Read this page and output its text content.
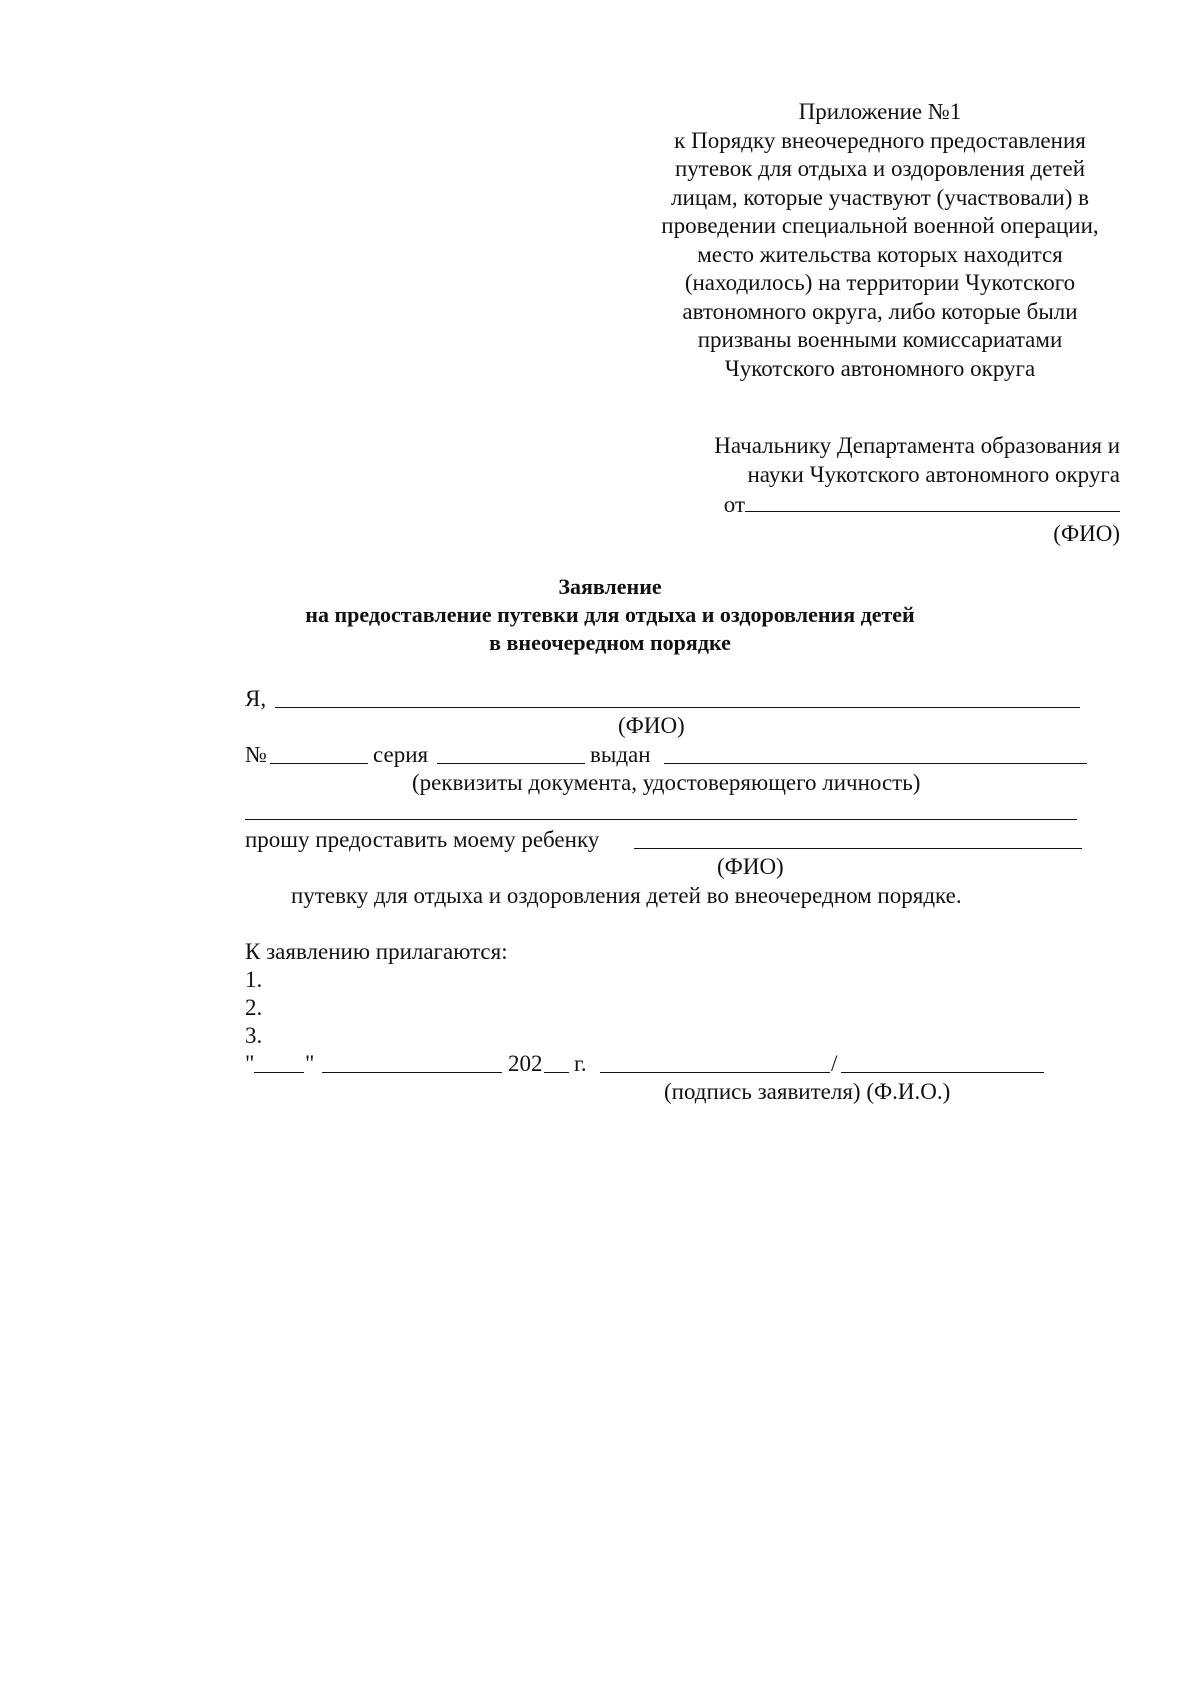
Приложение №1
к Порядку внеочередного предоставления
путевок для отдыха и оздоровления детей
лицам, которые участвуют (участвовали) в
проведении специальной военной операции,
место жительства которых находится
(находилось) на территории Чукотского
автономного округа, либо которые были
призваны военными комиссариатами
Чукотского автономного округа
Начальнику Департамента образования и
науки Чукотского автономного округа
от
(ФИО)
Заявление
на предоставление путевки для отдыха и оздоровления детей
в внеочередном порядке
Я,
(ФИО)
№	серия	выдан
(реквизиты документа, удостоверяющего личность)
прошу предоставить моему ребенку
(ФИО)
путевку для отдыха и оздоровления детей во внеочередном порядке.
К заявлению прилагаются:
1.
2.
3.
" "	202 г.	/
(подпись заявителя) (Ф.И.О.)
